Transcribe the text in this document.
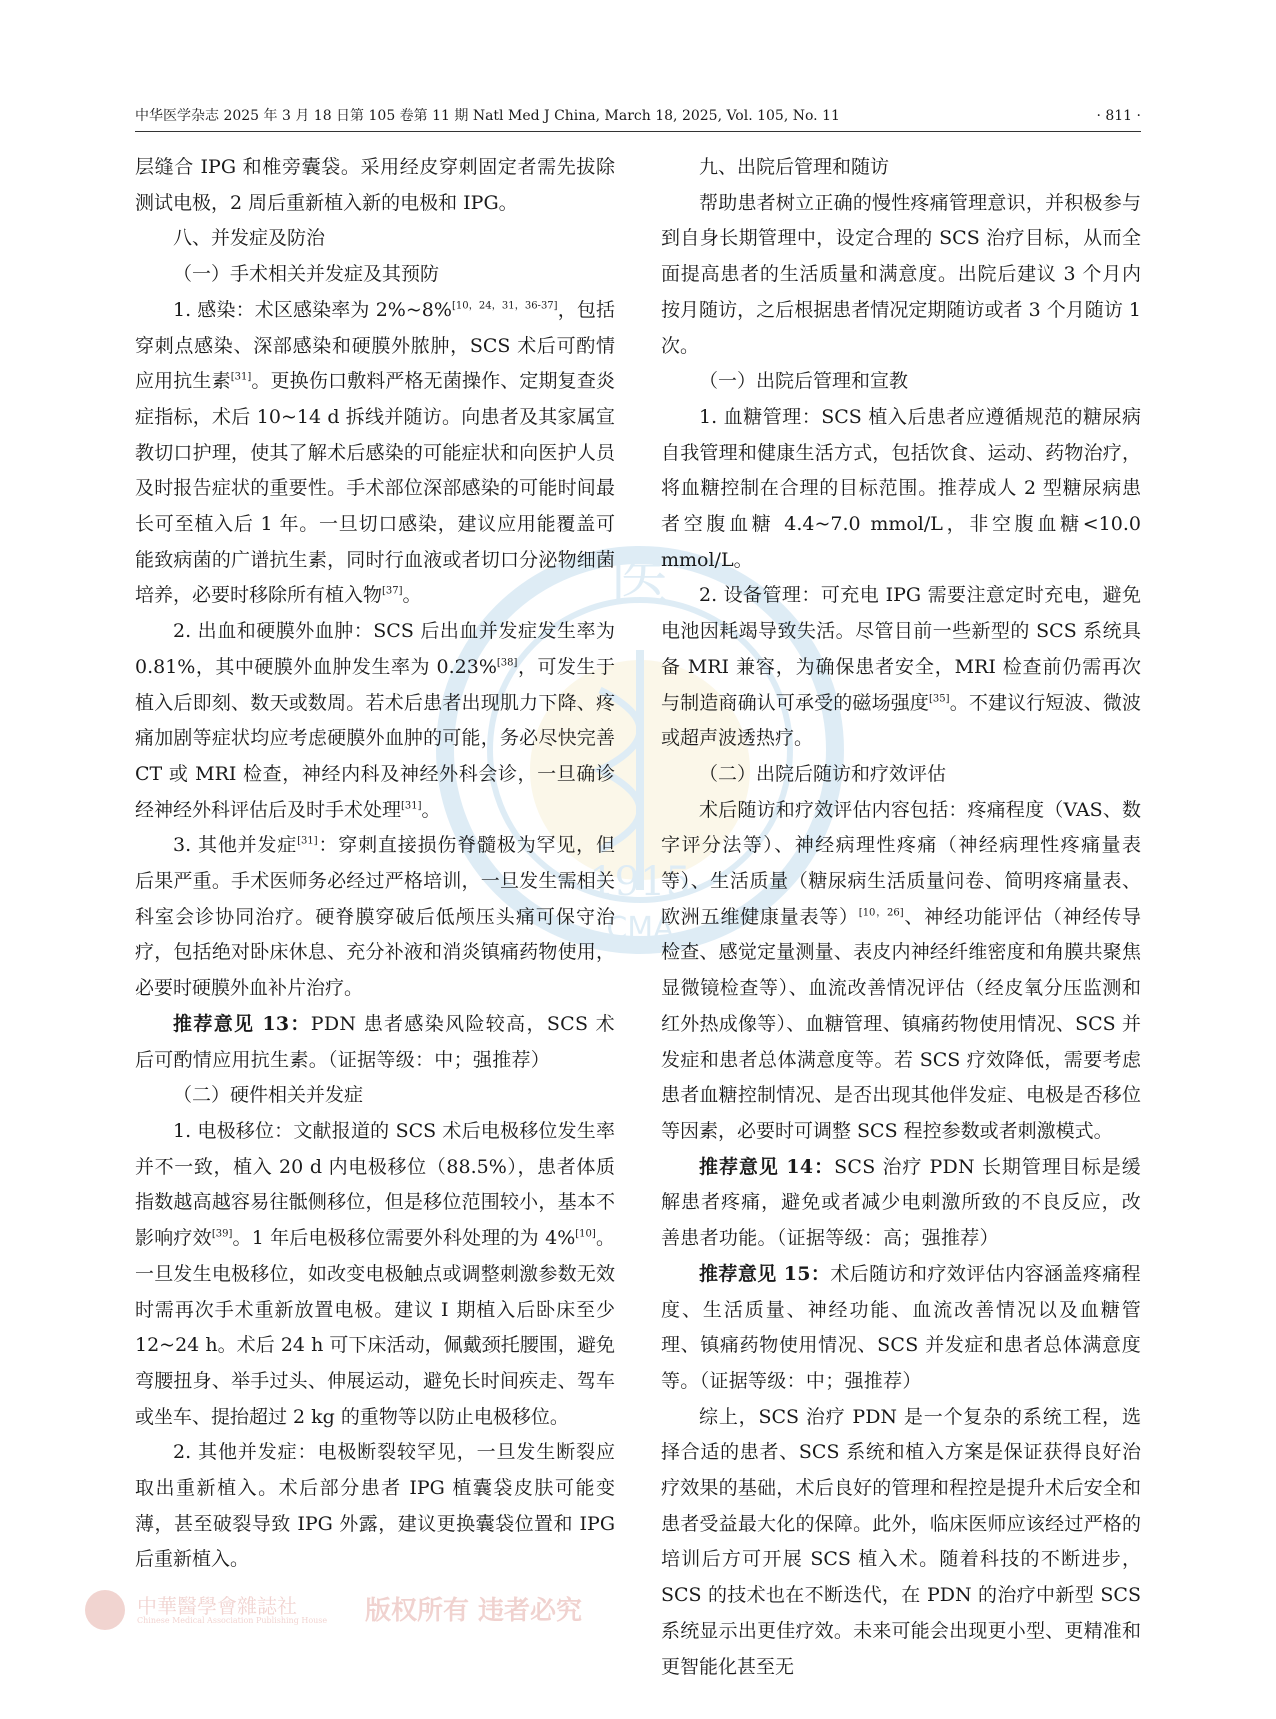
中华医学杂志 2025 年 3 月 18 日第 105 卷第 11 期 Natl Med J China, March 18, 2025, Vol. 105, No. 11	· 811 ·
医
1915
CMA

层缝合 IPG 和椎旁囊袋。采用经皮穿刺固定者需先拔除测试电极，2 周后重新植入新的电极和 IPG。

八、并发症及防治

（一）手术相关并发症及其预防

1. 感染：术区感染率为 2%~8%[10，24，31，36-37]，包括穿刺点感染、深部感染和硬膜外脓肿，SCS 术后可酌情应用抗生素[31]。更换伤口敷料严格无菌操作、定期复查炎症指标，术后 10~14 d 拆线并随访。向患者及其家属宣教切口护理，使其了解术后感染的可能症状和向医护人员及时报告症状的重要性。手术部位深部感染的可能时间最长可至植入后 1 年。一旦切口感染，建议应用能覆盖可能致病菌的广谱抗生素，同时行血液或者切口分泌物细菌培养，必要时移除所有植入物[37]。

2. 出血和硬膜外血肿：SCS 后出血并发症发生率为 0.81%，其中硬膜外血肿发生率为 0.23%[38]，可发生于植入后即刻、数天或数周。若术后患者出现肌力下降、疼痛加剧等症状均应考虑硬膜外血肿的可能，务必尽快完善 CT 或 MRI 检查，神经内科及神经外科会诊，一旦确诊经神经外科评估后及时手术处理[31]。

3. 其他并发症[31]：穿刺直接损伤脊髓极为罕见，但后果严重。手术医师务必经过严格培训，一旦发生需相关科室会诊协同治疗。硬脊膜穿破后低颅压头痛可保守治疗，包括绝对卧床休息、充分补液和消炎镇痛药物使用，必要时硬膜外血补片治疗。

推荐意见 13：PDN 患者感染风险较高，SCS 术后可酌情应用抗生素。（证据等级：中；强推荐）

（二）硬件相关并发症

1. 电极移位：文献报道的 SCS 术后电极移位发生率并不一致，植入 20 d 内电极移位（88.5%），患者体质指数越高越容易往骶侧移位，但是移位范围较小，基本不影响疗效[39]。1 年后电极移位需要外科处理的为 4%[10]。一旦发生电极移位，如改变电极触点或调整刺激参数无效时需再次手术重新放置电极。建议 Ⅰ 期植入后卧床至少 12~24 h。术后 24 h 可下床活动，佩戴颈托腰围，避免弯腰扭身、举手过头、伸展运动，避免长时间疾走、驾车或坐车、提抬超过 2 kg 的重物等以防止电极移位。

2. 其他并发症：电极断裂较罕见，一旦发生断裂应取出重新植入。术后部分患者 IPG 植囊袋皮肤可能变薄，甚至破裂导致 IPG 外露，建议更换囊袋位置和 IPG 后重新植入。

九、出院后管理和随访

帮助患者树立正确的慢性疼痛管理意识，并积极参与到自身长期管理中，设定合理的 SCS 治疗目标，从而全面提高患者的生活质量和满意度。出院后建议 3 个月内按月随访，之后根据患者情况定期随访或者 3 个月随访 1 次。

（一）出院后管理和宣教

1. 血糖管理：SCS 植入后患者应遵循规范的糖尿病自我管理和健康生活方式，包括饮食、运动、药物治疗，将血糖控制在合理的目标范围。推荐成人 2 型糖尿病患者空腹血糖 4.4~7.0 mmol/L，非空腹血糖<10.0 mmol/L。

2. 设备管理：可充电 IPG 需要注意定时充电，避免电池因耗竭导致失活。尽管目前一些新型的 SCS 系统具备 MRI 兼容，为确保患者安全，MRI 检查前仍需再次与制造商确认可承受的磁场强度[35]。不建议行短波、微波或超声波透热疗。

（二）出院后随访和疗效评估

术后随访和疗效评估内容包括：疼痛程度（VAS、数字评分法等）、神经病理性疼痛（神经病理性疼痛量表等）、生活质量（糖尿病生活质量问卷、简明疼痛量表、欧洲五维健康量表等）[10，26]、神经功能评估（神经传导检查、感觉定量测量、表皮内神经纤维密度和角膜共聚焦显微镜检查等）、血流改善情况评估（经皮氧分压监测和红外热成像等）、血糖管理、镇痛药物使用情况、SCS 并发症和患者总体满意度等。若 SCS 疗效降低，需要考虑患者血糖控制情况、是否出现其他伴发症、电极是否移位等因素，必要时可调整 SCS 程控参数或者刺激模式。

推荐意见 14：SCS 治疗 PDN 长期管理目标是缓解患者疼痛，避免或者减少电刺激所致的不良反应，改善患者功能。（证据等级：高；强推荐）

推荐意见 15：术后随访和疗效评估内容涵盖疼痛程度、生活质量、神经功能、血流改善情况以及血糖管理、镇痛药物使用情况、SCS 并发症和患者总体满意度等。（证据等级：中；强推荐）

综上，SCS 治疗 PDN 是一个复杂的系统工程，选择合适的患者、SCS 系统和植入方案是保证获得良好治疗效果的基础，术后良好的管理和程控是提升术后安全和患者受益最大化的保障。此外，临床医师应该经过严格的培训后方可开展 SCS 植入术。随着科技的不断进步，SCS 的技术也在不断迭代，在 PDN 的治疗中新型 SCS 系统显示出更佳疗效。未来可能会出现更小型、更精准和更智能化甚至无

中華醫學會雜誌社
Chinese Medical Association Publishing House 版权所有 违者必究
